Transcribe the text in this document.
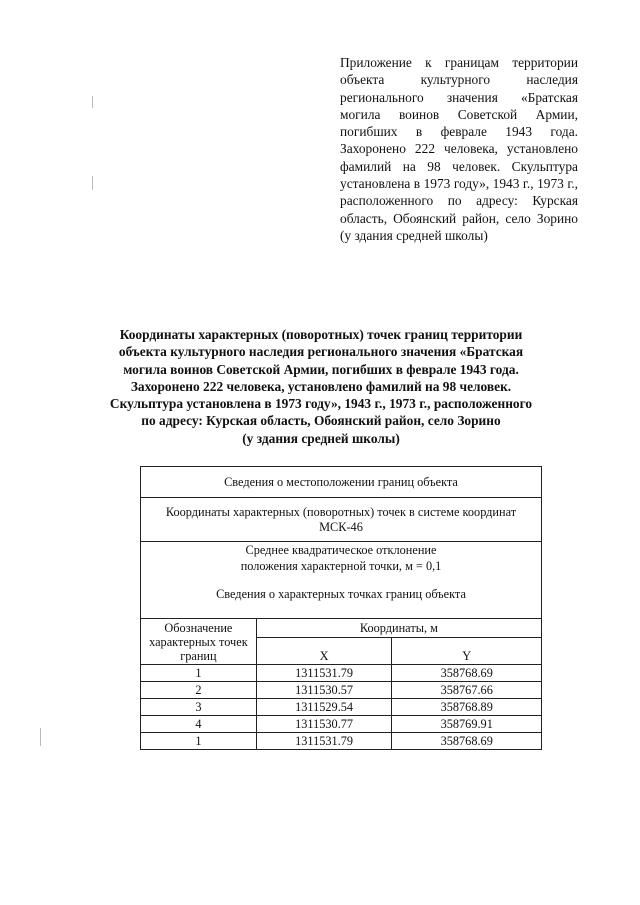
Приложение к границам территории объекта культурного наследия регионального значения «Братская могила воинов Советской Армии, погибших в феврале 1943 года. Захоронено 222 человека, установлено фамилий на 98 человек. Скульптура установлена в 1973 году», 1943 г., 1973 г., расположенного по адресу: Курская область, Обоянский район, село Зорино (у здания средней школы)
Координаты характерных (поворотных) точек границ территории
объекта культурного наследия регионального значения «Братская
могила воинов Советской Армии, погибших в феврале 1943 года.
Захоронено 222 человека, установлено фамилий на 98 человек.
Скульптура установлена в 1973 году», 1943 г., 1973 г., расположенного
по адресу: Курская область, Обоянский район, село Зорино
(у здания средней школы)
Сведения о местоположении границ объекта		

Координаты характерных (поворотных) точек в системе координат
МСК-46		

Среднее квадратическое отклонение
положения характерной точки, м = 0,1
Сведения о характерных точках границ объекта		

Обозначение характерных точек границ	Координаты, м	
	X	Y
1	1311531.79	358768.69
2	1311530.57	358767.66
3	1311529.54	358768.89
4	1311530.77	358769.91
1	1311531.79	358768.69
